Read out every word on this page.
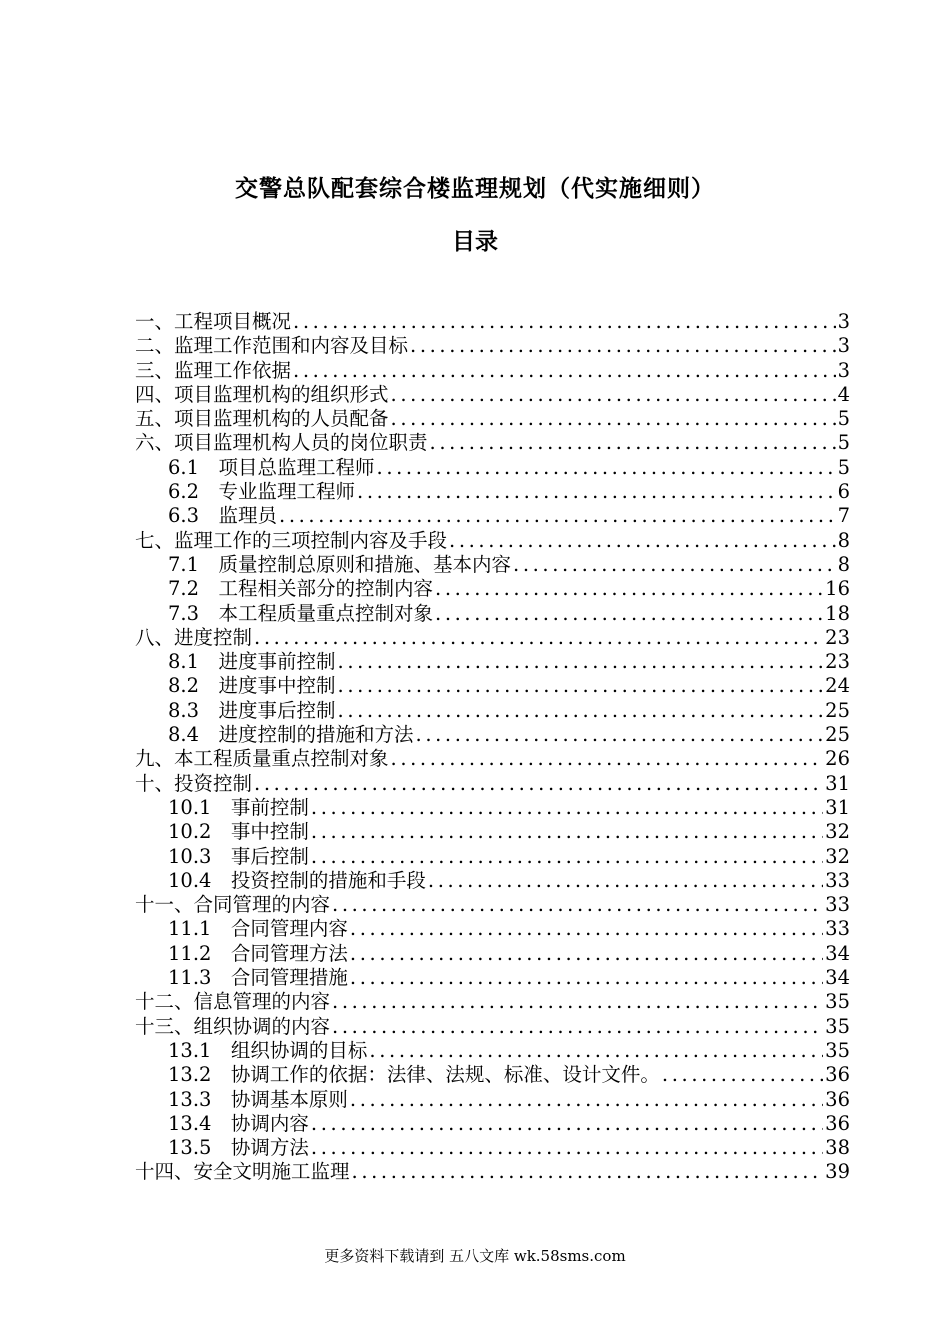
交警总队配套综合楼监理规划（代实施细则）
目录
一、工程项目概况 .....	3
二、监理工作范围和内容及目标 .....	3
三、监理工作依据 .....	3
四、项目监理机构的组织形式 .....	4
五、项目监理机构的人员配备 .....	5
六、项目监理机构人员的岗位职责 .....	5
6.1　项目总监理工程师 .....	5
6.2　专业监理工程师 .....	6
6.3　监理员 .....	7
七、监理工作的三项控制内容及手段 .....	8
7.1　质量控制总原则和措施、基本内容 .....	8
7.2　工程相关部分的控制内容 .....	16
7.3　本工程质量重点控制对象 .....	18
八、进度控制 .....	23
8.1　进度事前控制 .....	23
8.2　进度事中控制 .....	24
8.3　进度事后控制 .....	25
8.4　进度控制的措施和方法 .....	25
九、本工程质量重点控制对象 .....	26
十、投资控制 .....	31
10.1　事前控制 .....	31
10.2　事中控制 .....	32
10.3　事后控制 .....	32
10.4　投资控制的措施和手段 .....	33
十一、合同管理的内容 .....	33
11.1　合同管理内容 .....	33
11.2　合同管理方法 .....	34
11.3　合同管理措施 .....	34
十二、信息管理的内容 .....	35
十三、组织协调的内容 .....	35
13.1　组织协调的目标 .....	35
13.2　协调工作的依据：法律、法规、标准、设计文件。 .....	36
13.3　协调基本原则 .....	36
13.4　协调内容 .....	36
13.5　协调方法 .....	38
十四、安全文明施工监理 .....	39
更多资料下载请到 五八文库 wk.58sms.com
